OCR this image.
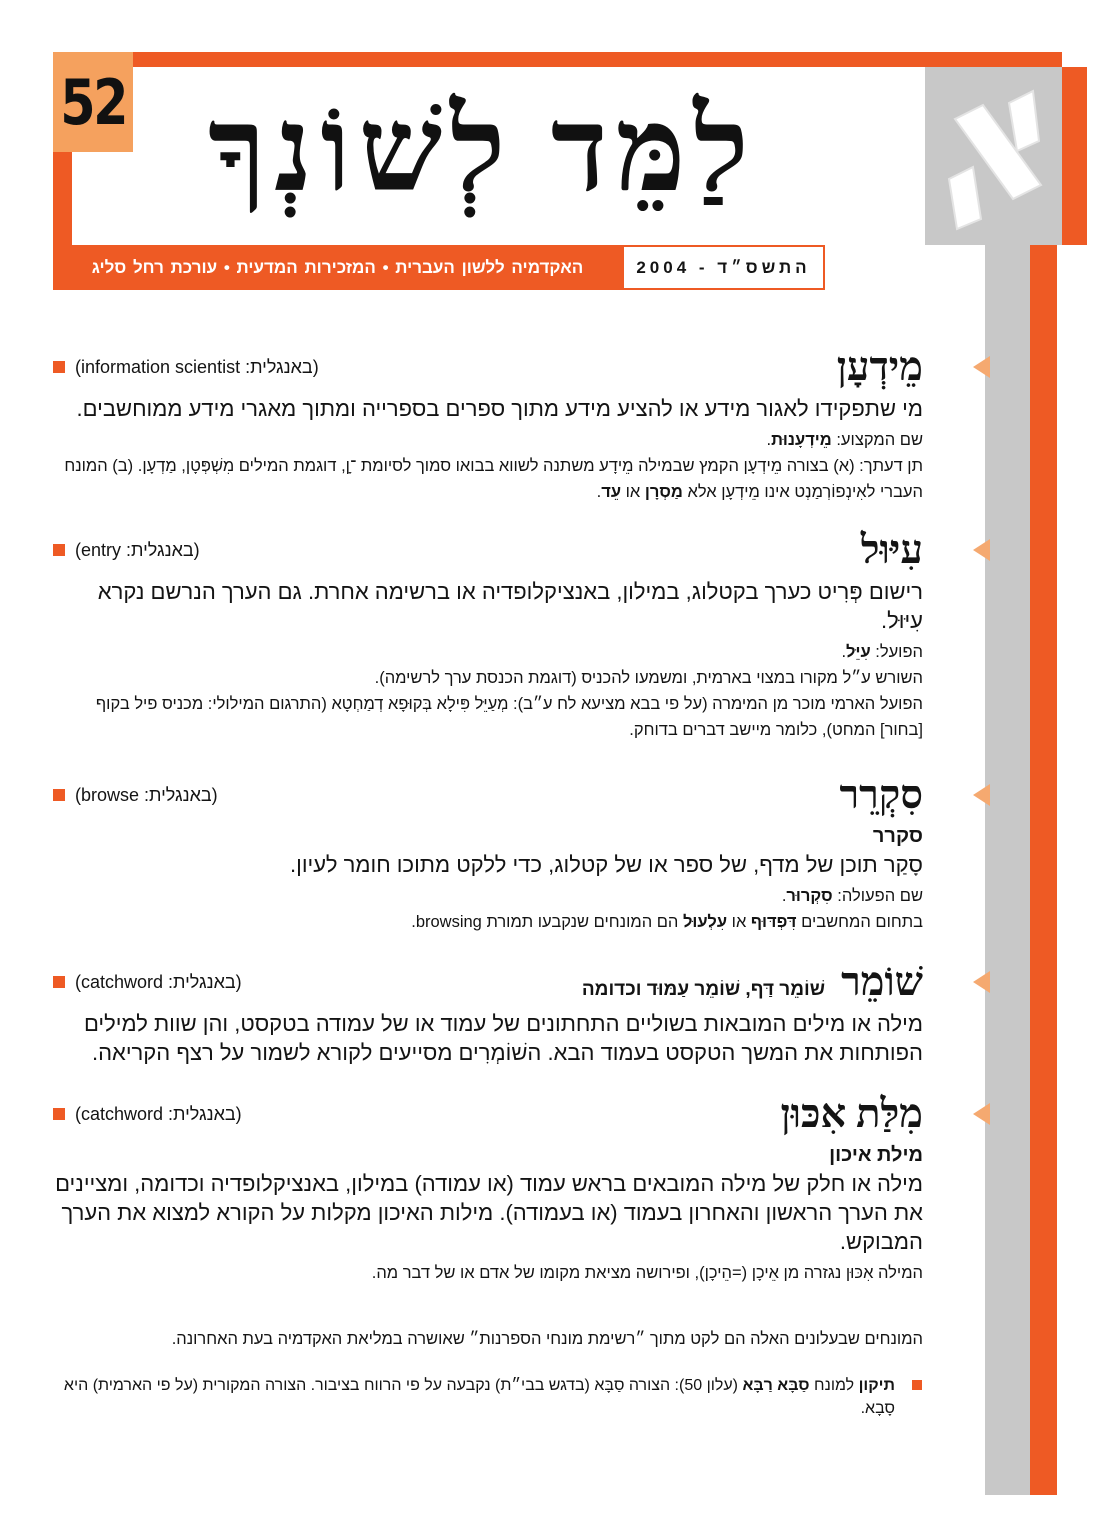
52 לַמֵּד לְשׁוֹנְךָ
האקדמיה ללשון העברית • המזכירות המדעית • עורכת רחל סליג	התשס״ד - 2004
מֵידְעָן
(באנגלית: information scientist)

מי שתפקידו לאגור מידע או להציע מידע מתוך ספרים בספרייה ומתוך מאגרי מידע ממוחשבים.

שם המקצוע: מֵידְעָנוּת.

תן דעתך: (א) בצורה מֵידְעָן הקמץ שבמילה מֵידָע משתנה לשווא בבואו סמוך לסיומת ־ָן, דוגמת המילים מִשְׁפְּטָן, מַדְעָן. (ב) המונח העברי לאִינְפוֹרְמַנְט אינו מֵידְעָן אלא מַסְרָן או עֵד.

עִיּוּל
(באנגלית: entry)

רישום פְּרִיט כערך בקטלוג, במילון, באנציקלופדיה או ברשימה אחרת. גם הערך הנרשם נקרא עִיּוּל.

הפועל: עִיֵּל.

השורש ע״ל מקורו במצוי בארמית, ומשמעו להכניס (דוגמת הכנסת ערך לרשימה).

הפועל הארמי מוכר מן המימרה (על פי בבא מציעא לח ע״ב): מְעַיֵּל פִּילָא בְּקוּפָא דְמַחְטָא (התרגום המילולי: מכניס פיל בקוף [בחור] המחט), כלומר מיישב דברים בדוחק.

סִקְרֵר
(באנגלית: browse)

סקרר

סָקַר תוכן של מדף, של ספר או של קטלוג, כדי ללקט מתוכו חומר לעיון.

שם הפעולה: סִקְרוּר.

בתחום המחשבים דִּפְדּוּף או עִלְעוּל הם המונחים שנקבעו תמורת browsing.

שׁוֹמֵר
שׁוֹמֵר דַּף, שׁוֹמֵר עַמּוּד וכדומה
(באנגלית: catchword)

מילה או מילים המובאות בשוליים התחתונים של עמוד או של עמודה בטקסט, והן שוות למילים הפותחות את המשך הטקסט בעמוד הבא. השׁוֹמְרִים מסייעים לקורא לשמור על רצף הקריאה.

מִלַּת אִכּוּן
(באנגלית: catchword)

מילת איכון

מילה או חלק של מילה המובאים בראש עמוד (או עמודה) במילון, באנציקלופדיה וכדומה, ומציינים את הערך הראשון והאחרון בעמוד (או בעמודה). מילות האיכון מקלות על הקורא למצוא את הערך המבוקש.

המילה אִכּוּן נגזרה מן אֵיכָן (=הֵיכָן), ופירושה מציאת מקומו של אדם או של דבר מה.

המונחים שבעלונים האלה הם לקט מתוך ״רשימת מונחי הספרנות״ שאושרה במליאת האקדמיה בעת האחרונה.

תיקון למונח סַבָּא רַבָּא (עלון 50): הצורה סַבָּא (בדגש בבי״ת) נקבעה על פי הרווח בציבור. הצורה המקורית (על פי הארמית) היא סָבָא.
